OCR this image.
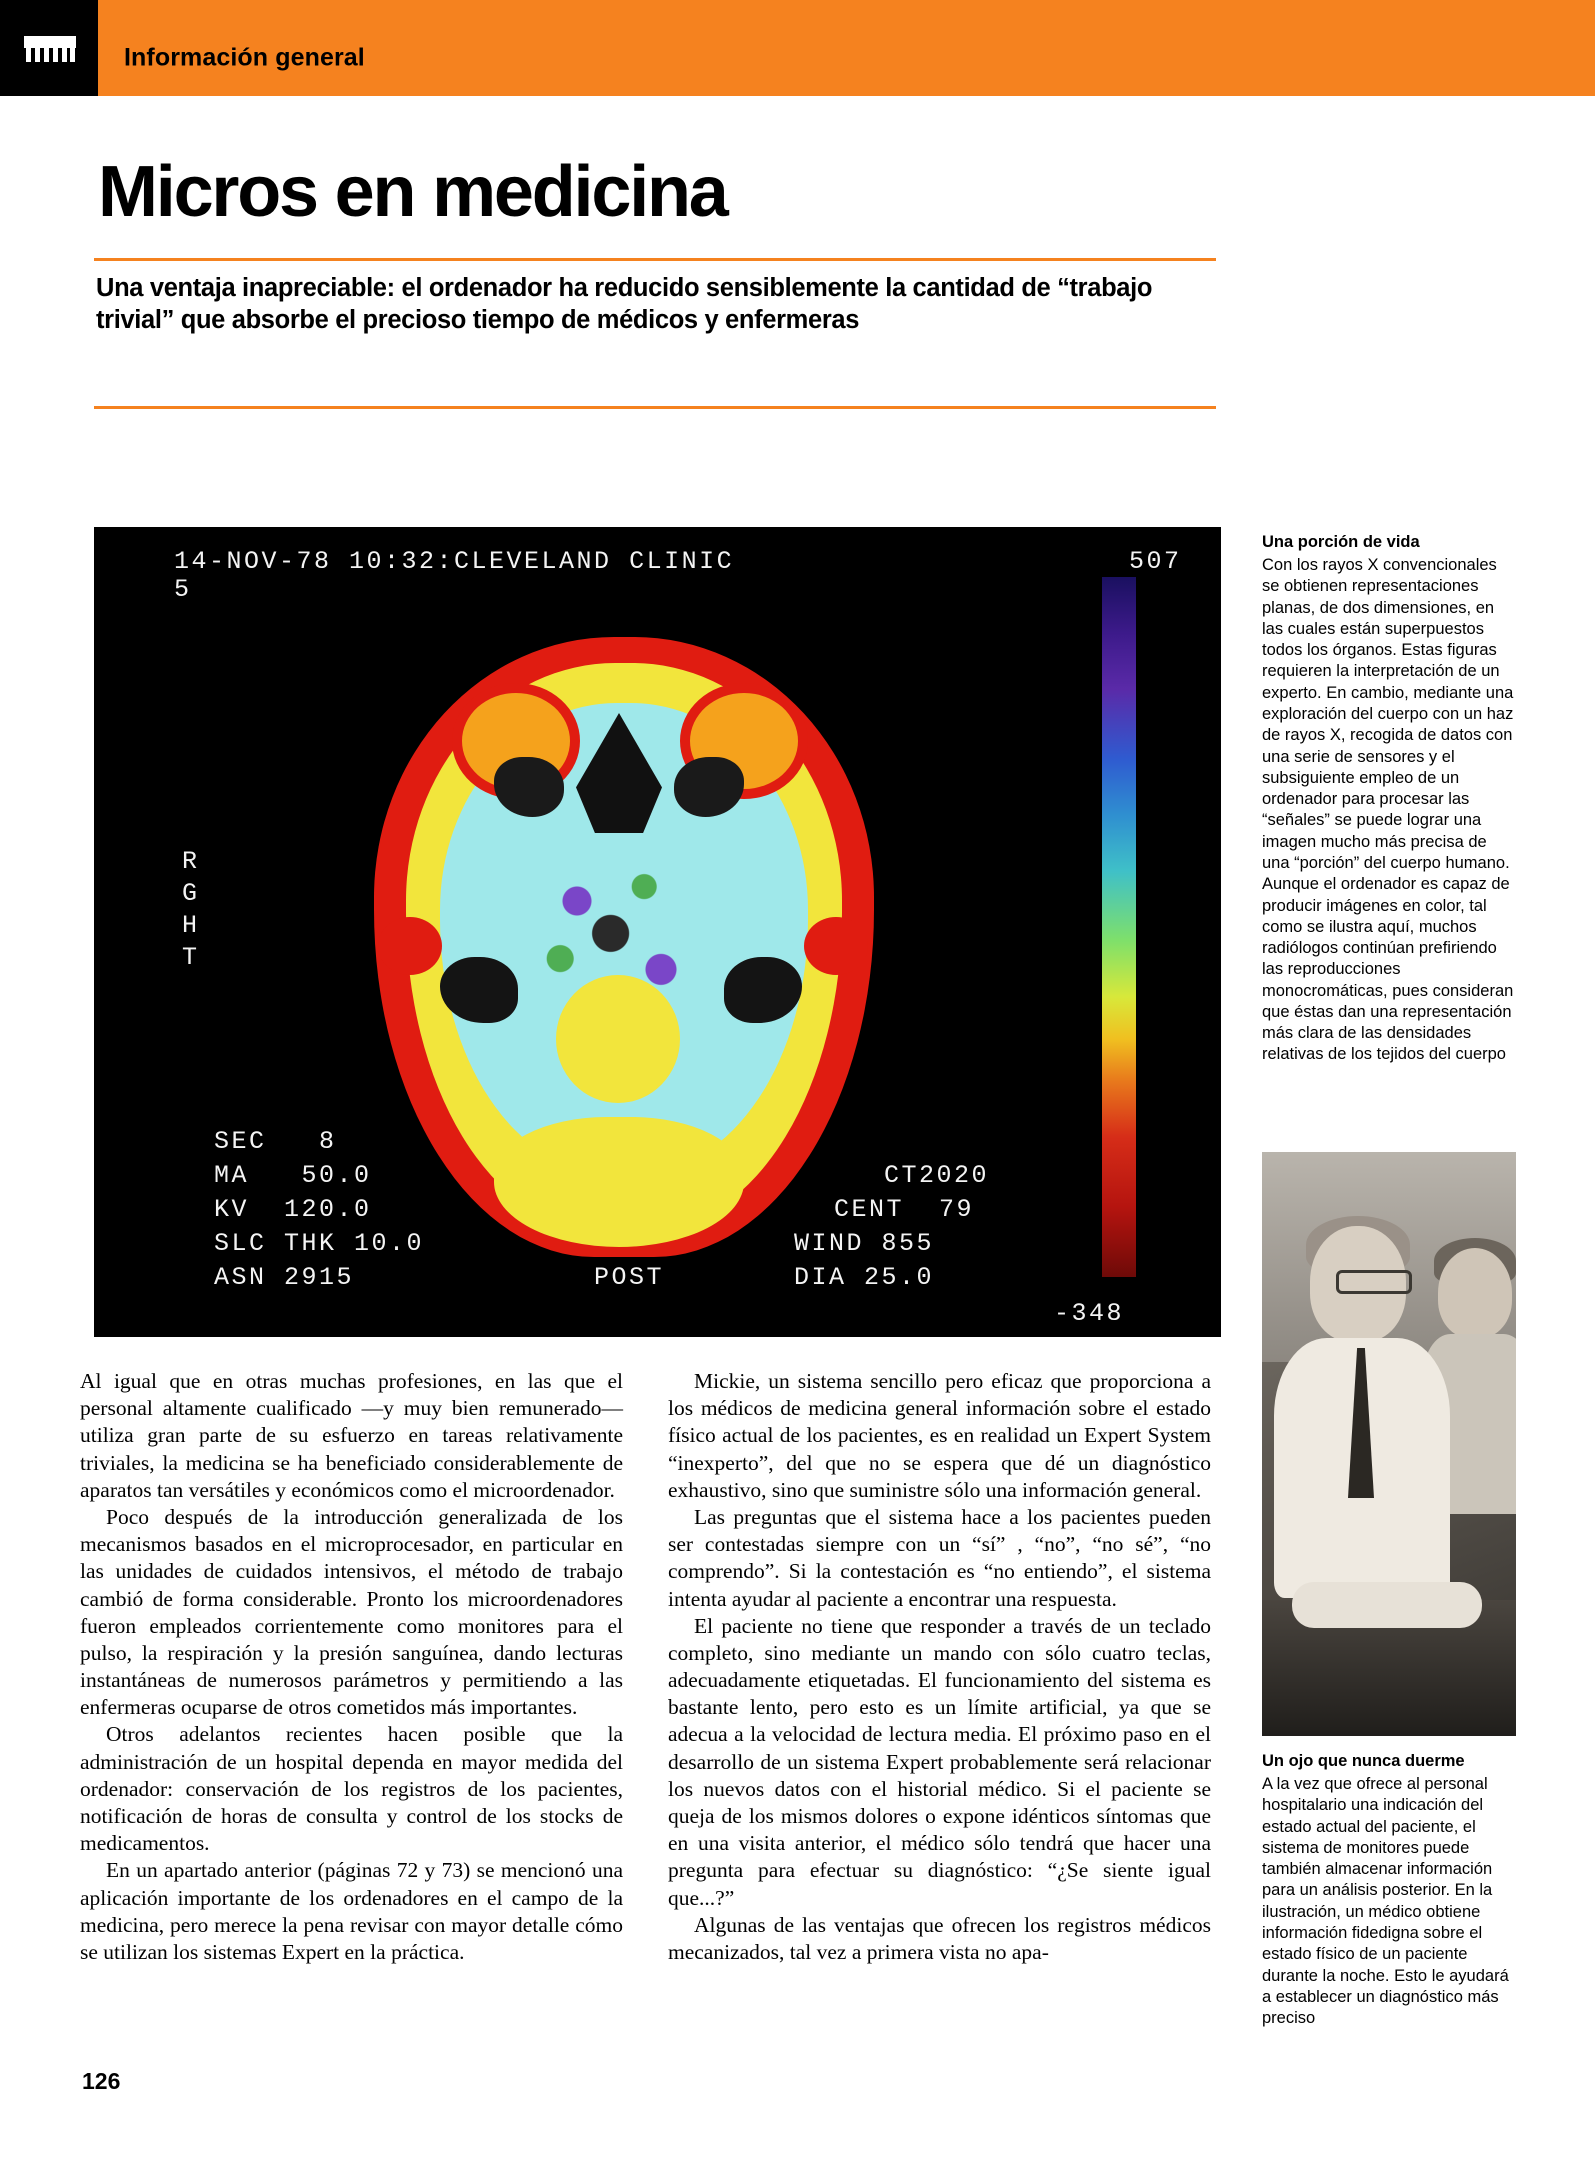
Información general
Micros en medicina
Una ventaja inapreciable: el ordenador ha reducido sensiblemente la cantidad de “trabajo trivial” que absorbe el precioso tiempo de médicos y enfermeras
14-NOV-78 10:32:CLEVELAND CLINIC
5
507
R
G
H
T
SEC   8
MA   50.0
KV  120.0
SLC THK 10.0
ASN 2915	POST
CT2020
CENT  79
WIND 855
DIA 25.0
-348
Una porción de vida

Con los rayos X convencionales se obtienen representaciones planas, de dos dimensiones, en las cuales están superpuestos todos los órganos. Estas figuras requieren la interpretación de un experto. En cambio, mediante una exploración del cuerpo con un haz de rayos X, recogida de datos con una serie de sensores y el subsiguiente empleo de un ordenador para procesar las “señales” se puede lograr una imagen mucho más precisa de una “porción” del cuerpo humano.

Aunque el ordenador es capaz de producir imágenes en color, tal como se ilustra aquí, muchos radiólogos continúan prefiriendo las reproducciones monocromáticas, pues consideran que éstas dan una representación más clara de las densidades relativas de los tejidos del cuerpo

Un ojo que nunca duerme

A la vez que ofrece al personal hospitalario una indicación del estado actual del paciente, el sistema de monitores puede también almacenar información para un análisis posterior. En la ilustración, un médico obtiene información fidedigna sobre el estado físico de un paciente durante la noche. Esto le ayudará a establecer un diagnóstico más preciso

Al igual que en otras muchas profesiones, en las que el personal altamente cualificado —y muy bien remunerado— utiliza gran parte de su esfuerzo en tareas relativamente triviales, la medicina se ha beneficiado considerablemente de aparatos tan versátiles y económicos como el microordenador.

Poco después de la introducción generalizada de los mecanismos basados en el microprocesador, en particular en las unidades de cuidados intensivos, el método de trabajo cambió de forma considerable. Pronto los microordenadores fueron empleados corrientemente como monitores para el pulso, la respiración y la presión sanguínea, dando lecturas instantáneas de numerosos parámetros y permitiendo a las enfermeras ocuparse de otros cometidos más importantes.

Otros adelantos recientes hacen posible que la administración de un hospital dependa en mayor medida del ordenador: conservación de los registros de los pacientes, notificación de horas de consulta y control de los stocks de medicamentos.

En un apartado anterior (páginas 72 y 73) se mencionó una aplicación importante de los ordenadores en el campo de la medicina, pero merece la pena revisar con mayor detalle cómo se utilizan los sistemas Expert en la práctica.

Mickie, un sistema sencillo pero eficaz que proporciona a los médicos de medicina general información sobre el estado físico actual de los pacientes, es en realidad un Expert System “inexperto”, del que no se espera que dé un diagnóstico exhaustivo, sino que suministre sólo una información general.

Las preguntas que el sistema hace a los pacientes pueden ser contestadas siempre con un “sí” , “no”, “no sé”, “no comprendo”. Si la contestación es “no entiendo”, el sistema intenta ayudar al paciente a encontrar una respuesta.

El paciente no tiene que responder a través de un teclado completo, sino mediante un mando con sólo cuatro teclas, adecuadamente etiquetadas. El funcionamiento del sistema es bastante lento, pero esto es un límite artificial, ya que se adecua a la velocidad de lectura media. El próximo paso en el desarrollo de un sistema Expert probablemente será relacionar los nuevos datos con el historial médico. Si el paciente se queja de los mismos dolores o expone idénticos síntomas que en una visita anterior, el médico sólo tendrá que hacer una pregunta para efectuar su diagnóstico: “¿Se siente igual que...?”

Algunas de las ventajas que ofrecen los registros médicos mecanizados, tal vez a primera vista no apa-

126
